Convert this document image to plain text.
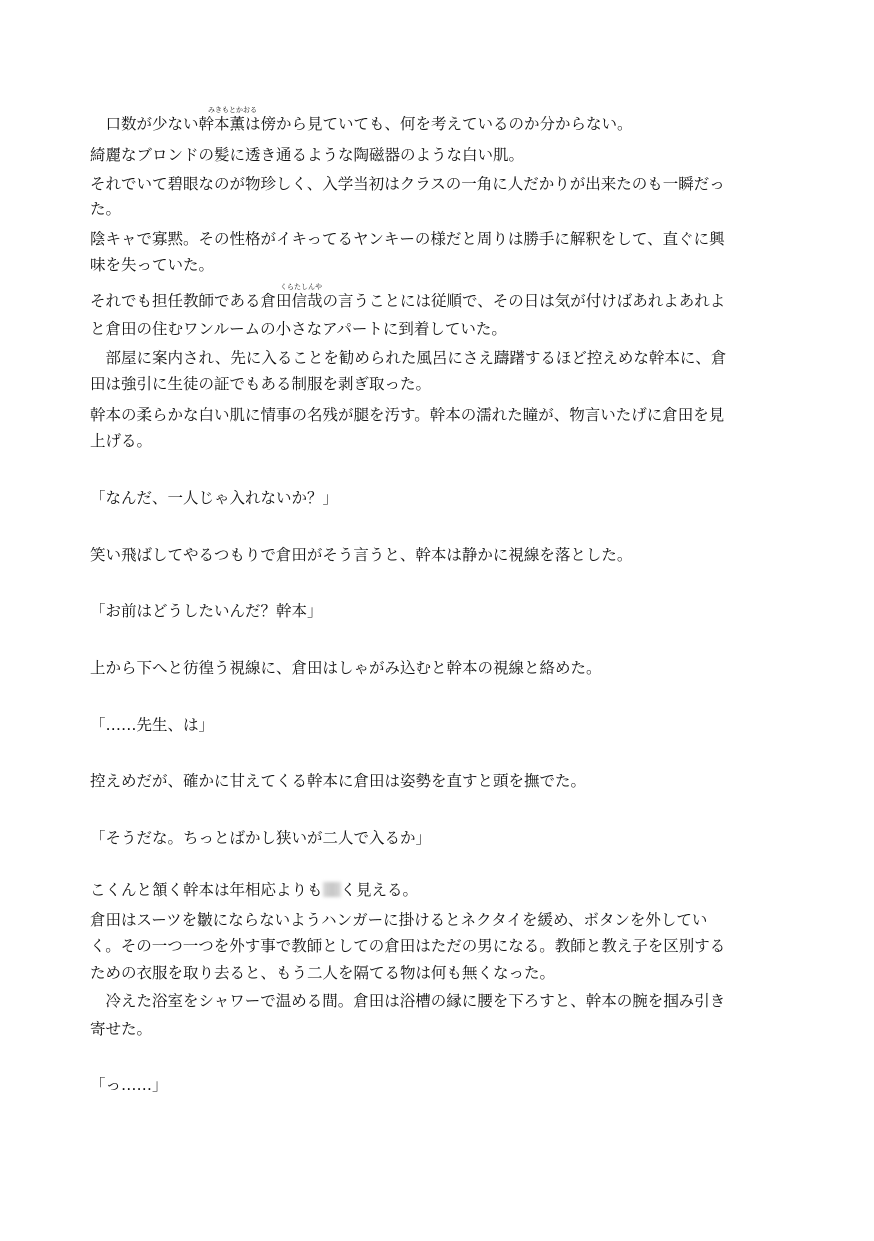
みきもとかおる
くらたしんや
　口数が少ない幹本薫は傍から見ていても、何を考えているのか分からない。
綺麗なブロンドの髪に透き通るような陶磁器のような白い肌。
それでいて碧眼なのが物珍しく、入学当初はクラスの一角に人だかりが出来たのも一瞬だっ
た。
陰キャで寡黙。その性格がイキってるヤンキーの様だと周りは勝手に解釈をして、直ぐに興
味を失っていた。
それでも担任教師である倉田信哉の言うことには従順で、その日は気が付けばあれよあれよ
と倉田の住むワンルームの小さなアパートに到着していた。
　部屋に案内され、先に入ることを勧められた風呂にさえ躊躇するほど控えめな幹本に、倉
田は強引に生徒の証でもある制服を剥ぎ取った。
幹本の柔らかな白い肌に情事の名残が腿を汚す。幹本の濡れた瞳が、物言いたげに倉田を見
上げる。
「なんだ、一人じゃ入れないか？」
笑い飛ばしてやるつもりで倉田がそう言うと、幹本は静かに視線を落とした。
「お前はどうしたいんだ？幹本」
上から下へと彷徨う視線に、倉田はしゃがみ込むと幹本の視線と絡めた。
「……先生、は」
控えめだが、確かに甘えてくる幹本に倉田は姿勢を直すと頭を撫でた。
「そうだな。ちっとばかし狭いが二人で入るか」
こくんと頷く幹本は年相応よりも く見える。
倉田はスーツを皺にならないようハンガーに掛けるとネクタイを緩め、ボタンを外してい
く。その一つ一つを外す事で教師としての倉田はただの男になる。教師と教え子を区別する
ための衣服を取り去ると、もう二人を隔てる物は何も無くなった。
　冷えた浴室をシャワーで温める間。倉田は浴槽の縁に腰を下ろすと、幹本の腕を掴み引き
寄せた。
「っ……」
